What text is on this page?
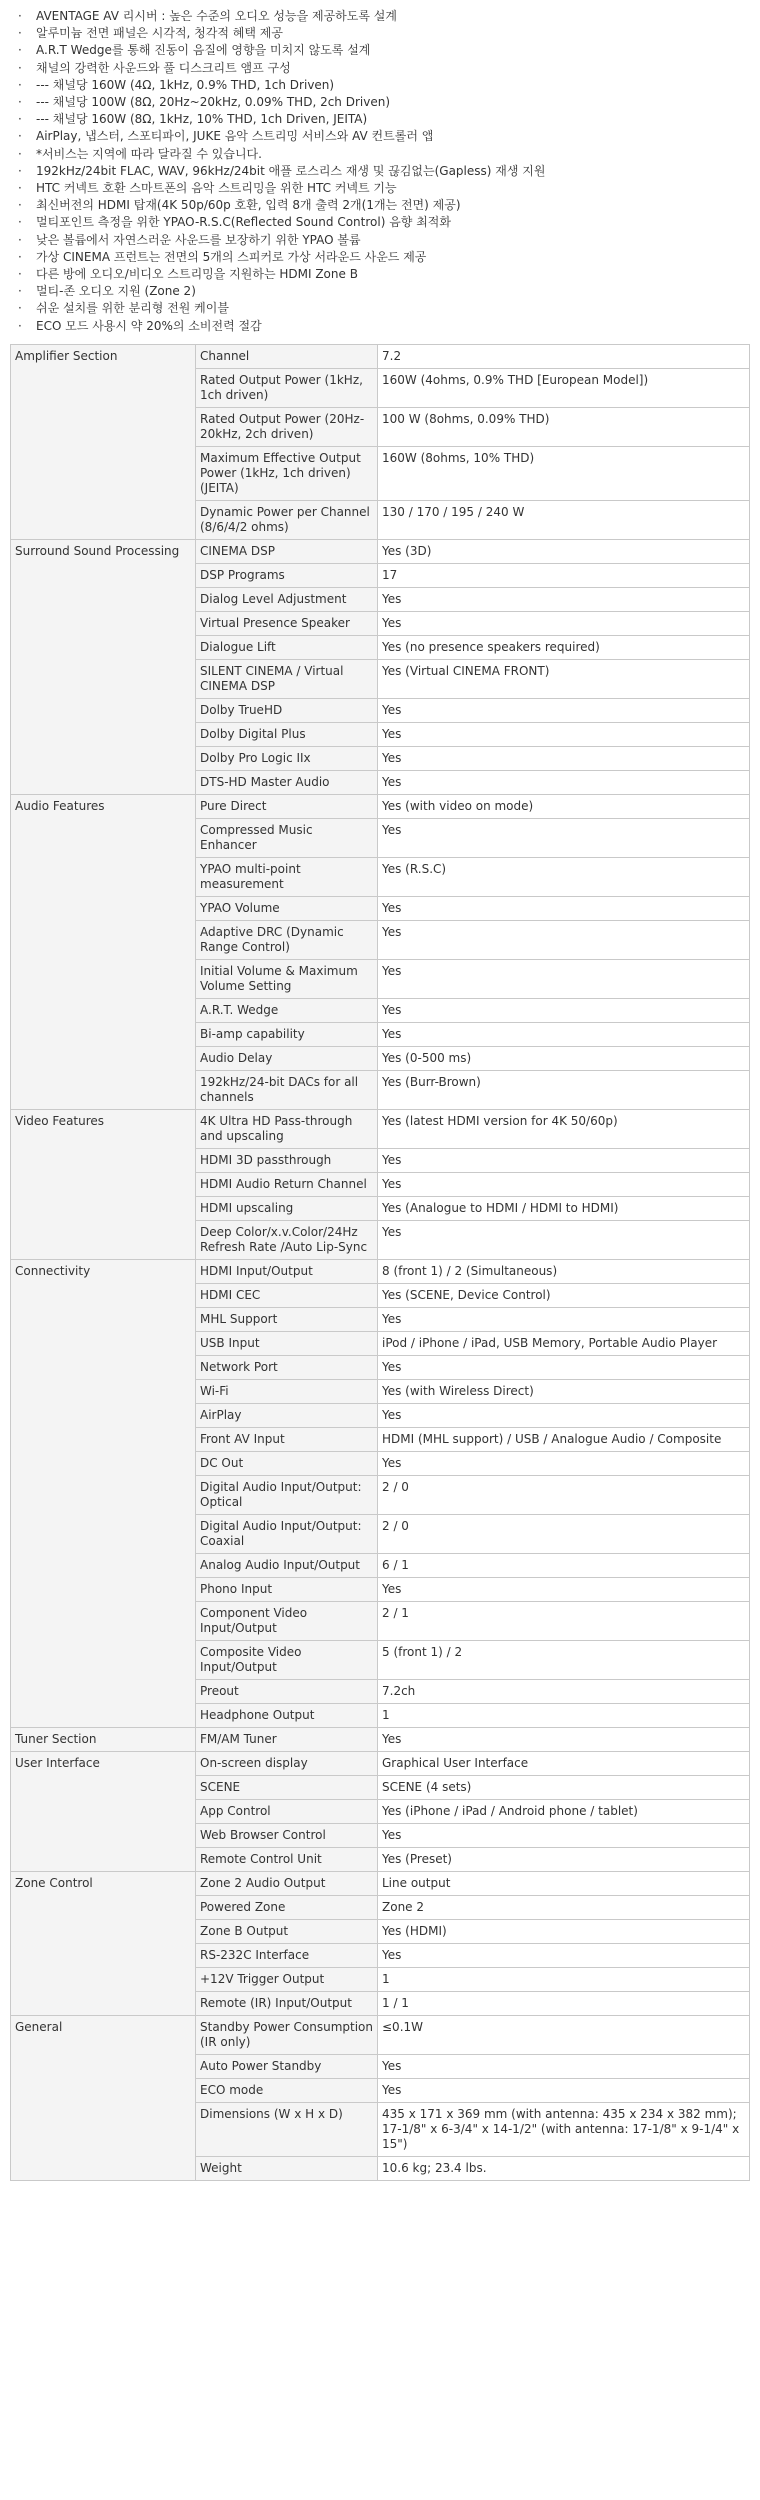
· AVENTAGE AV 리시버 : 높은 수준의 오디오 성능을 제공하도록 설계
· 알루미늄 전면 패널은 시각적, 청각적 혜택 제공
· A.R.T Wedge를 통해 진동이 음질에 영향을 미치지 않도록 설계
· 채널의 강력한 사운드와 풀 디스크리트 앰프 구성
· --- 채널당 160W (4Ω, 1kHz, 0.9% THD, 1ch Driven)
· --- 채널당 100W (8Ω, 20Hz~20kHz, 0.09% THD, 2ch Driven)
· --- 채널당 160W (8Ω, 1kHz, 10% THD, 1ch Driven, JEITA)
· AirPlay, 냅스터, 스포티파이, JUKE 음악 스트리밍 서비스와 AV 컨트롤러 앱
· *서비스는 지역에 따라 달라질 수 있습니다.
· 192kHz/24bit FLAC, WAV, 96kHz/24bit 애플 로스리스 재생 및 끊김없는(Gapless) 재생 지원
· HTC 커넥트 호환 스마트폰의 음악 스트리밍을 위한 HTC 커넥트 기능
· 최신버전의 HDMI 탑재(4K 50p/60p 호환, 입력 8개 출력 2개(1개는 전면) 제공)
· 멀티포인트 측정을 위한 YPAO-R.S.C(Reflected Sound Control) 음향 최적화
· 낮은 볼륨에서 자연스러운 사운드를 보장하기 위한 YPAO 볼륨
· 가상 CINEMA 프런트는 전면의 5개의 스피커로 가상 서라운드 사운드 제공
· 다른 방에 오디오/비디오 스트리밍을 지원하는 HDMI Zone B
· 멀티-존 오디오 지원 (Zone 2)
· 쉬운 설치를 위한 분리형 전원 케이블
· ECO 모드 사용시 약 20%의 소비전력 절감
Amplifier Section	Channel	7.2
	Rated Output Power (1kHz, 1ch driven)	160W (4ohms, 0.9% THD [European Model])
	Rated Output Power (20Hz-20kHz, 2ch driven)	100 W (8ohms, 0.09% THD)
	Maximum Effective Output Power (1kHz, 1ch driven) (JEITA)	160W (8ohms, 10% THD)
	Dynamic Power per Channel (8/6/4/2 ohms)	130 / 170 / 195 / 240 W
Surround Sound Processing	CINEMA DSP	Yes (3D)
	DSP Programs	17
	Dialog Level Adjustment	Yes
	Virtual Presence Speaker	Yes
	Dialogue Lift	Yes (no presence speakers required)
	SILENT CINEMA / Virtual CINEMA DSP	Yes (Virtual CINEMA FRONT)
	Dolby TrueHD	Yes
	Dolby Digital Plus	Yes
	Dolby Pro Logic IIx	Yes
	DTS-HD Master Audio	Yes
Audio Features	Pure Direct	Yes (with video on mode)
	Compressed Music Enhancer	Yes
	YPAO multi-point measurement	Yes (R.S.C)
	YPAO Volume	Yes
	Adaptive DRC (Dynamic Range Control)	Yes
	Initial Volume & Maximum Volume Setting	Yes
	A.R.T. Wedge	Yes
	Bi-amp capability	Yes
	Audio Delay	Yes (0-500 ms)
	192kHz/24-bit DACs for all channels	Yes (Burr-Brown)
Video Features	4K Ultra HD Pass-through and upscaling	Yes (latest HDMI version for 4K 50/60p)
	HDMI 3D passthrough	Yes
	HDMI Audio Return Channel	Yes
	HDMI upscaling	Yes (Analogue to HDMI / HDMI to HDMI)
	Deep Color/x.v.Color/24Hz Refresh Rate /Auto Lip-Sync	Yes
Connectivity	HDMI Input/Output	8 (front 1) / 2 (Simultaneous)
	HDMI CEC	Yes (SCENE, Device Control)
	MHL Support	Yes
	USB Input	iPod / iPhone / iPad, USB Memory, Portable Audio Player
	Network Port	Yes
	Wi-Fi	Yes (with Wireless Direct)
	AirPlay	Yes
	Front AV Input	HDMI (MHL support) / USB / Analogue Audio / Composite
	DC Out	Yes
	Digital Audio Input/Output: Optical	2 / 0
	Digital Audio Input/Output: Coaxial	2 / 0
	Analog Audio Input/Output	6 / 1
	Phono Input	Yes
	Component Video Input/Output	2 / 1
	Composite Video Input/Output	5 (front 1) / 2
	Preout	7.2ch
	Headphone Output	1
Tuner Section	FM/AM Tuner	Yes
User Interface	On-screen display	Graphical User Interface
	SCENE	SCENE (4 sets)
	App Control	Yes (iPhone / iPad / Android phone / tablet)
	Web Browser Control	Yes
	Remote Control Unit	Yes (Preset)
Zone Control	Zone 2 Audio Output	Line output
	Powered Zone	Zone 2
	Zone B Output	Yes (HDMI)
	RS-232C Interface	Yes
	+12V Trigger Output	1
	Remote (IR) Input/Output	1 / 1
General	Standby Power Consumption (IR only)	≤0.1W
	Auto Power Standby	Yes
	ECO mode	Yes
	Dimensions (W x H x D)	435 x 171 x 369 mm (with antenna: 435 x 234 x 382 mm); 17-1/8" x 6-3/4" x 14-1/2" (with antenna: 17-1/8" x 9-1/4" x 15")
	Weight	10.6 kg; 23.4 lbs.
